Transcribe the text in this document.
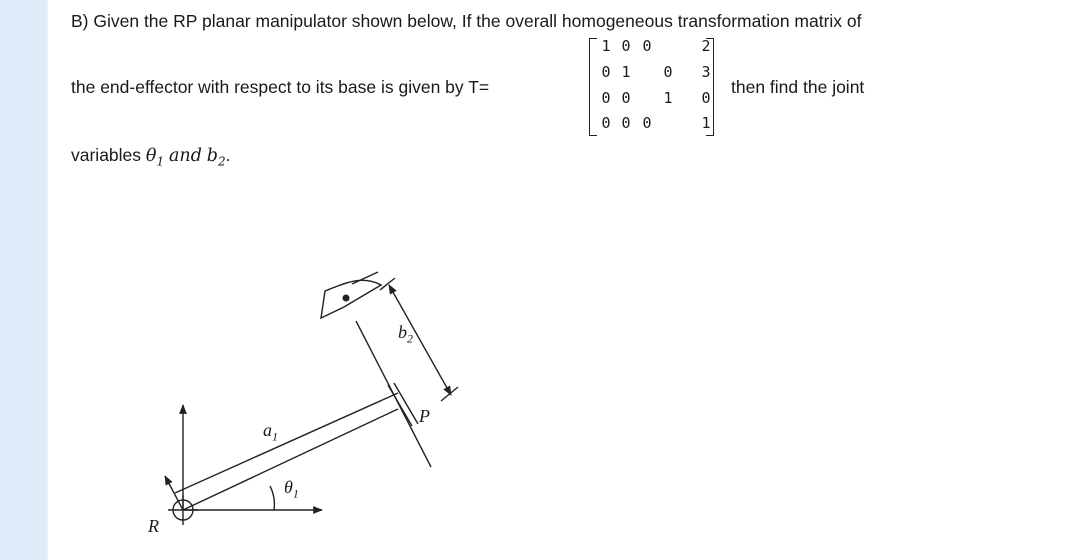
B) Given the RP planar manipulator shown below, If the overall homogeneous transformation matrix of
the end-effector with respect to its base is given by T=
1 0 0	2
0 1 0 3
0 0 1 0
0 0 0	1
then find the joint
variables $\theta_1$ and $b_2$.
R
P
$a_1$
$\theta_1$
$b_2$
